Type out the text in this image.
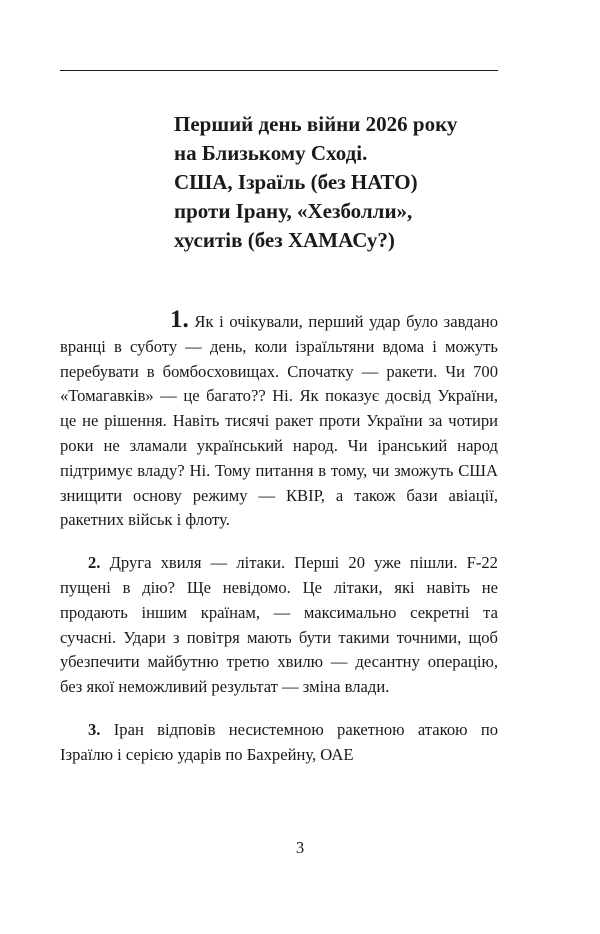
Перший день війни 2026 року
на Близькому Сході.
США, Ізраїль (без НАТО)
проти Ірану, «Хезболли»,
хуситів (без ХАМАСу?)

1. Як і очікували, перший удар було завдано вранці в суботу — день, коли ізраїльтяни вдома і можуть перебувати в бомбосховищах. Спочатку — ракети. Чи 700 «Томагавків» — це багато?? Ні. Як показує досвід України, це не рішення. Навіть тисячі ракет проти України за чотири роки не зламали український народ. Чи іранський народ підтримує владу? Ні. Тому питання в тому, чи зможуть США знищити основу режиму — КВІР, а також бази авіації, ракетних військ і флоту.

2. Друга хвиля — літаки. Перші 20 уже пішли. F-22 пущені в дію? Ще невідомо. Це літаки, які навіть не продають іншим країнам, — максимально секретні та сучасні. Удари з повітря мають бути такими точними, щоб убезпечити майбутню третю хвилю — десантну операцію, без якої неможливий результат — зміна влади.

3. Іран відповів несистемною ракетною атакою по Ізраїлю і серією ударів по Бахрейну, ОАЕ

3
